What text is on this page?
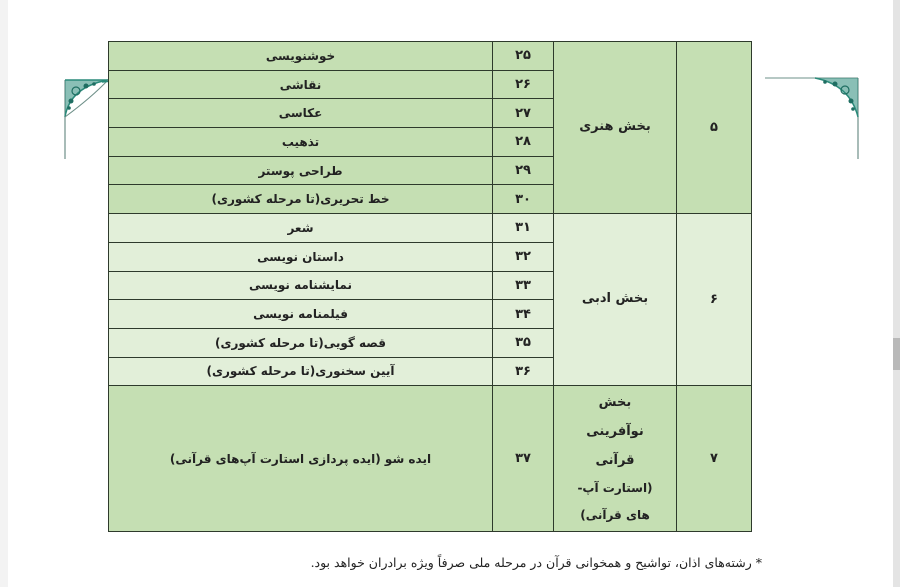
۵	بخش هنری	۲۵	خوشنویسی
		۲۶	نقاشی
		۲۷	عکاسی
		۲۸	تذهیب
		۲۹	طراحی پوستر
		۳۰	خط تحریری(تا مرحله کشوری)
۶	بخش ادبی	۳۱	شعر
		۳۲	داستان نویسی
		۳۳	نمایشنامه نویسی
		۳۴	فیلمنامه نویسی
		۳۵	قصه گویی(تا مرحله کشوری)
		۳۶	آیین سخنوری(تا مرحله کشوری)
۷	بخش
نوآفرینی
قرآنی
(استارت آپ-
های قرآنی)	۳۷	ایده شو (ایده پردازی استارت آپ‌های قرآنی)
* رشته‌های اذان، تواشیح و همخوانی قرآن در مرحله ملی صرفاً ویژه برادران خواهد بود.
